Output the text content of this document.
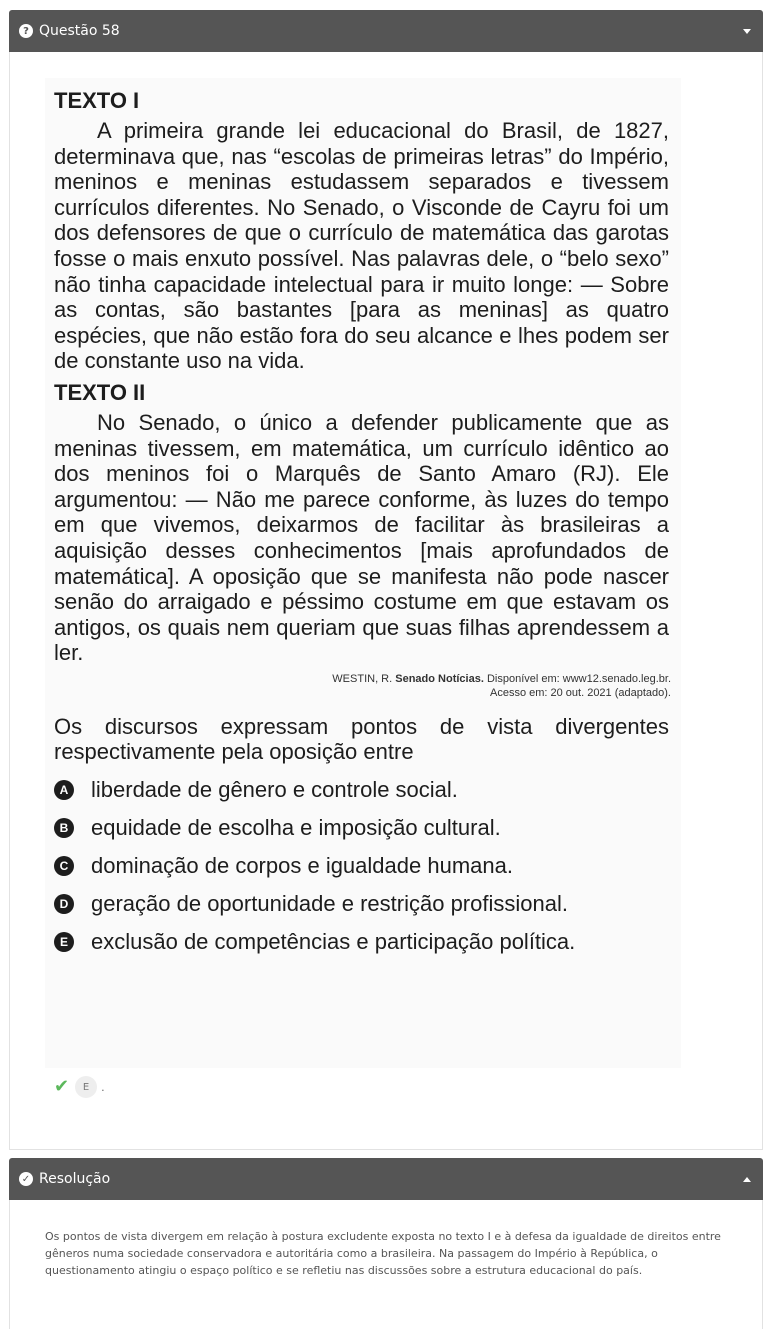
? Questão 58
TEXTO I
A primeira grande lei educacional do Brasil, de 1827, determinava que, nas “escolas de primeiras letras” do Império, meninos e meninas estudassem separados e tivessem currículos diferentes. No Senado, o Visconde de Cayru foi um dos defensores de que o currículo de matemática das garotas fosse o mais enxuto possível. Nas palavras dele, o “belo sexo” não tinha capacidade intelectual para ir muito longe: — Sobre as contas, são bastantes [para as meninas] as quatro espécies, que não estão fora do seu alcance e lhes podem ser de constante uso na vida.
TEXTO II
No Senado, o único a defender publicamente que as meninas tivessem, em matemática, um currículo idêntico ao dos meninos foi o Marquês de Santo Amaro (RJ). Ele argumentou: — Não me parece conforme, às luzes do tempo em que vivemos, deixarmos de facilitar às brasileiras a aquisição desses conhecimentos [mais aprofundados de matemática]. A oposição que se manifesta não pode nascer senão do arraigado e péssimo costume em que estavam os antigos, os quais nem queriam que suas filhas aprendessem a ler.
WESTIN, R. Senado Notícias. Disponível em: www12.senado.leg.br.
Acesso em: 20 out. 2021 (adaptado).
Os discursos expressam pontos de vista divergentes respectivamente pela oposição entre
A liberdade de gênero e controle social.
B equidade de escolha e imposição cultural.
C dominação de corpos e igualdade humana.
D geração de oportunidade e restrição profissional.
E exclusão de competências e participação política.
✔	E	.
✓ Resolução
Os pontos de vista divergem em relação à postura excludente exposta no texto I e à defesa da igualdade de direitos entre gêneros numa sociedade conservadora e autoritária como a brasileira. Na passagem do Império à República, o questionamento atingiu o espaço político e se refletiu nas discussões sobre a estrutura educacional do país.
